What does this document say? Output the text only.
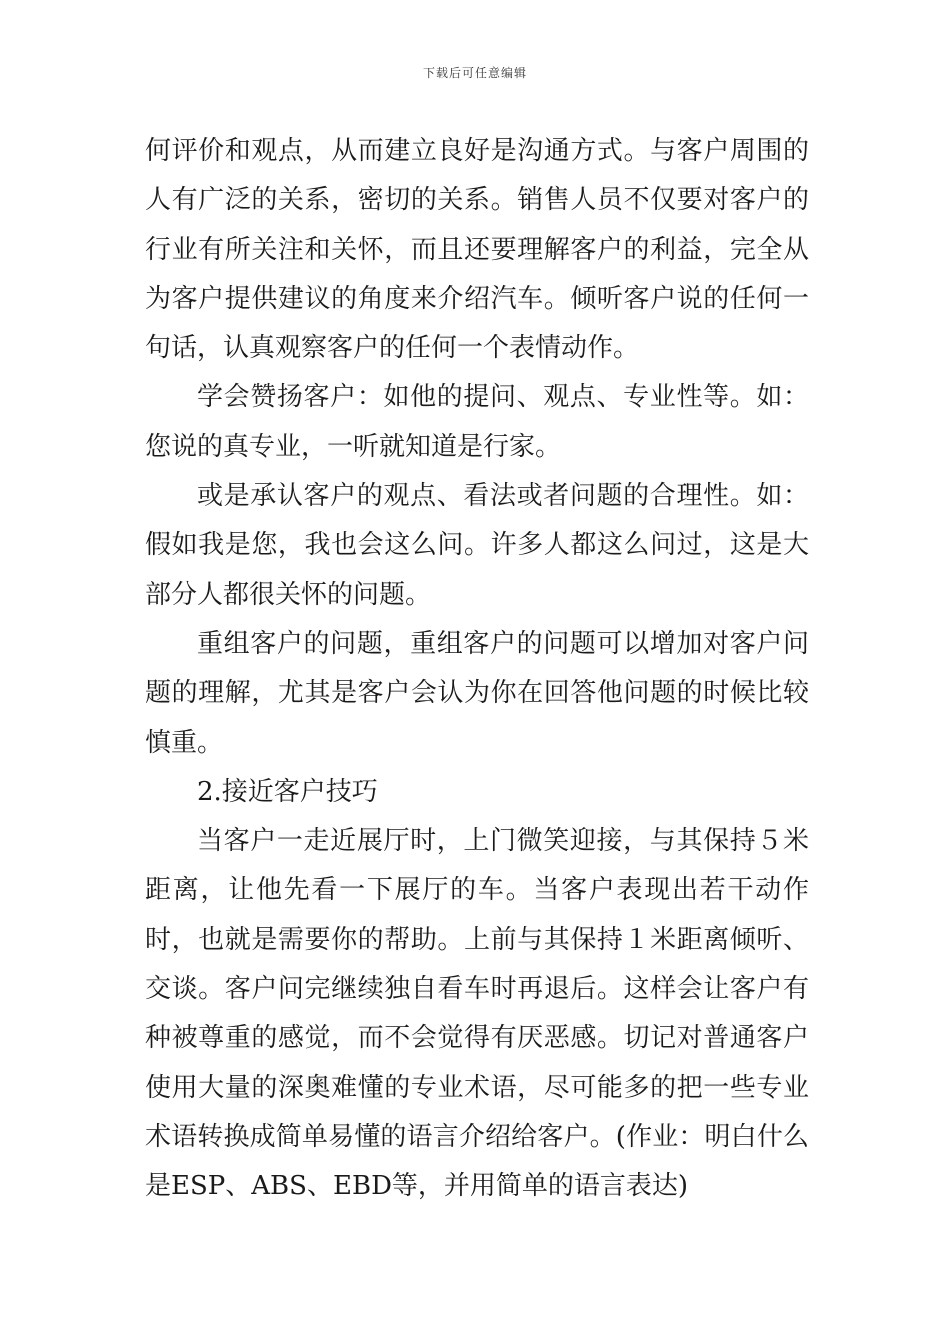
下载后可任意编辑

何评价和观点，从而建立良好是沟通方式。与客户周围的人有广泛的关系，密切的关系。销售人员不仅要对客户的行业有所关注和关怀，而且还要理解客户的利益，完全从为客户提供建议的角度来介绍汽车。倾听客户说的任何一句话，认真观察客户的任何一个表情动作。

学会赞扬客户：如他的提问、观点、专业性等。如：您说的真专业，一听就知道是行家。

或是承认客户的观点、看法或者问题的合理性。如：假如我是您，我也会这么问。许多人都这么问过，这是大部分人都很关怀的问题。

重组客户的问题，重组客户的问题可以增加对客户问题的理解，尤其是客户会认为你在回答他问题的时候比较慎重。

2.接近客户技巧

当客户一走近展厅时，上门微笑迎接，与其保持５米距离，让他先看一下展厅的车。当客户表现出若干动作时，也就是需要你的帮助。上前与其保持１米距离倾听、交谈。客户问完继续独自看车时再退后。这样会让客户有种被尊重的感觉，而不会觉得有厌恶感。切记对普通客户使用大量的深奥难懂的专业术语，尽可能多的把一些专业术语转换成简单易懂的语言介绍给客户。(作业：明白什么是ESP、ABS、EBD等，并用简单的语言表达)
